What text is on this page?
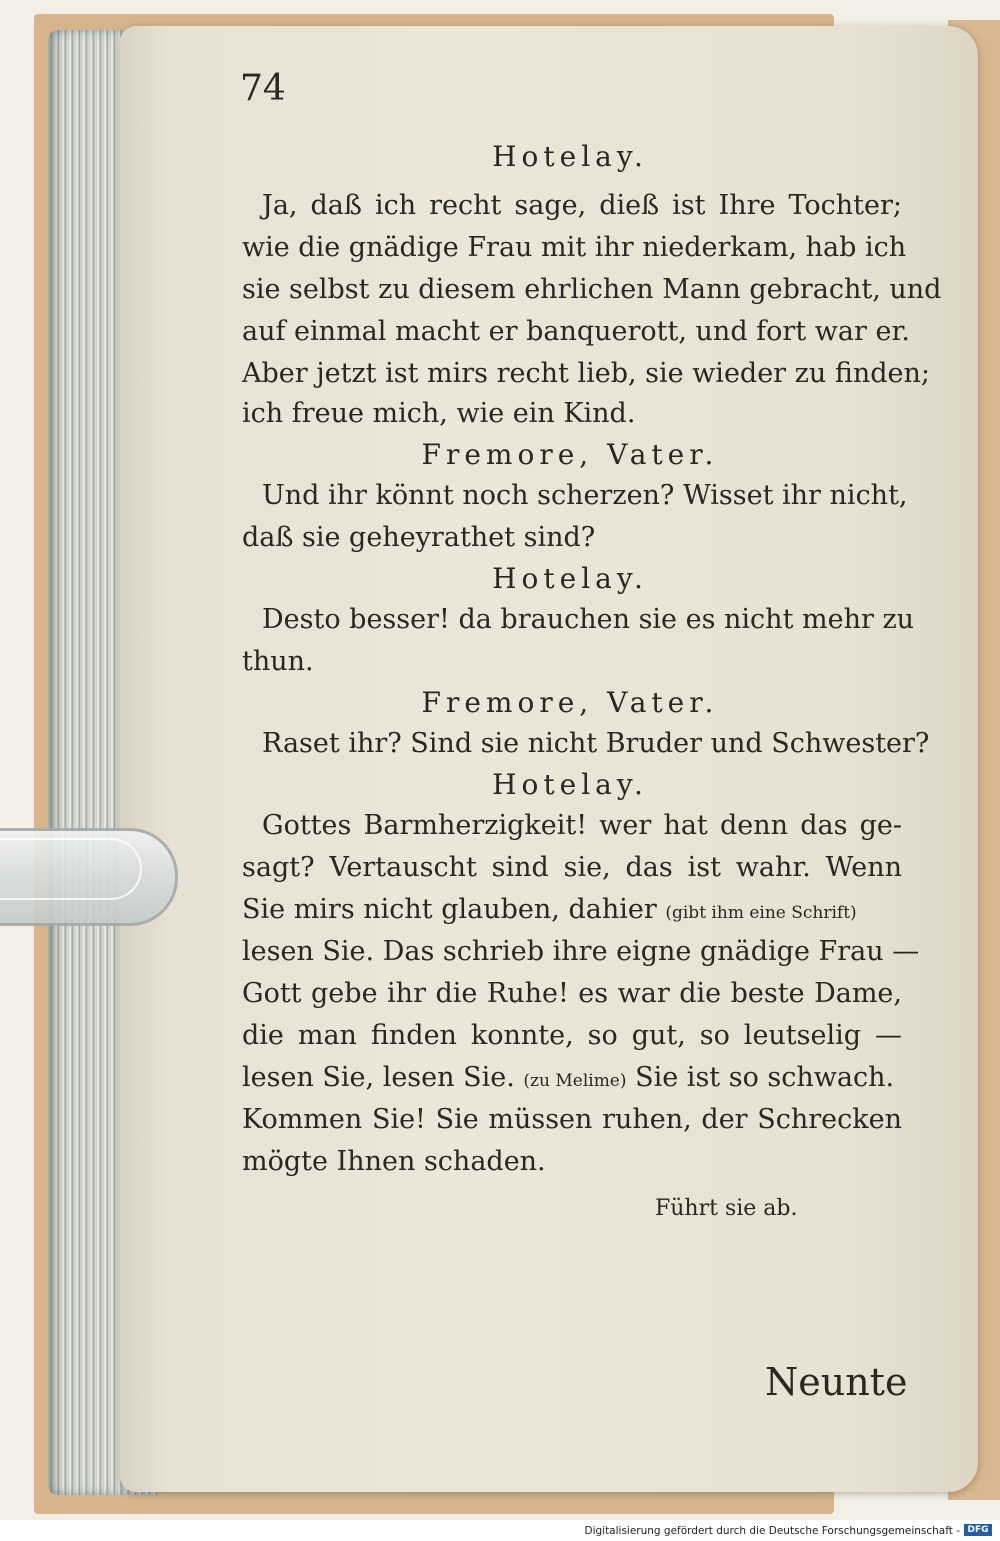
74
Hotelay.
Ja, daß ich recht sage, dieß ist Ihre Tochter;
wie die gnädige Frau mit ihr niederkam, hab ich
sie selbst zu diesem ehrlichen Mann gebracht, und
auf einmal macht er banquerott, und fort war er.
Aber jetzt ist mirs recht lieb, sie wieder zu finden;
ich freue mich, wie ein Kind.
Fremore, Vater.
Und ihr könnt noch scherzen? Wisset ihr nicht,
daß sie geheyrathet sind?
Hotelay.
Desto besser! da brauchen sie es nicht mehr zu
thun.
Fremore, Vater.
Raset ihr? Sind sie nicht Bruder und Schwester?
Hotelay.
Gottes Barmherzigkeit! wer hat denn das ge-
sagt? Vertauscht sind sie, das ist wahr. Wenn
Sie mirs nicht glauben, dahier (gibt ihm eine Schrift)
lesen Sie. Das schrieb ihre eigne gnädige Frau —
Gott gebe ihr die Ruhe! es war die beste Dame,
die man finden konnte, so gut, so leutselig —
lesen Sie, lesen Sie. (zu Melime) Sie ist so schwach.
Kommen Sie! Sie müssen ruhen, der Schrecken
mögte Ihnen schaden.
Führt sie ab.
Neunte
Digitalisierung gefördert durch die Deutsche Forschungsgemeinschaft - DFG
